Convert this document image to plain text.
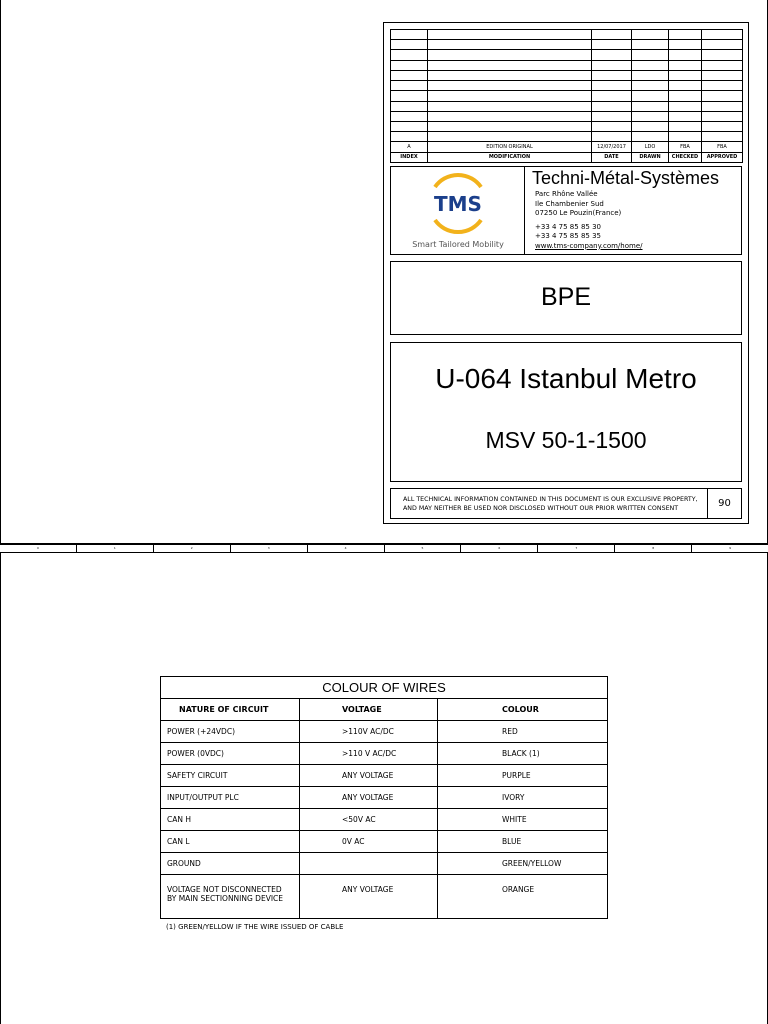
A	EDITION ORIGINAL	12/07/2017	LDO	FBA	FBA
INDEX	MODIFICATION	DATE	DRAWN	CHECKED	APPROVED
TMS
Smart Tailored Mobility
Techni-Métal-Systèmes
Parc Rhône Vallée
Ile Chambenier Sud
07250 Le Pouzin(France)
+33 4 75 85 85 30
+33 4 75 85 85 35
www.tms-company.com/home/
BPE
U-064 Istanbul Metro
MSV 50-1-1500
ALL TECHNICAL INFORMATION CONTAINED IN THIS DOCUMENT IS OUR EXCLUSIVE PROPERTY,
AND MAY NEITHER BE USED NOR DISCLOSED WITHOUT OUR PRIOR WRITTEN CONSENT	90
0	1	2	3	4	5	6	7	8	9
COLOUR OF WIRES		
NATURE OF CIRCUIT	VOLTAGE	COLOUR
POWER (+24VDC)	>110V AC/DC	RED
POWER (0VDC)	>110 V AC/DC	BLACK (1)
SAFETY CIRCUIT	ANY VOLTAGE	PURPLE
INPUT/OUTPUT PLC	ANY VOLTAGE	IVORY
CAN H	<50V AC	WHITE
CAN L	0V AC	BLUE
GROUND		GREEN/YELLOW
VOLTAGE NOT DISCONNECTED BY MAIN SECTIONNING DEVICE	ANY VOLTAGE	ORANGE
(1) GREEN/YELLOW IF THE WIRE ISSUED OF CABLE
